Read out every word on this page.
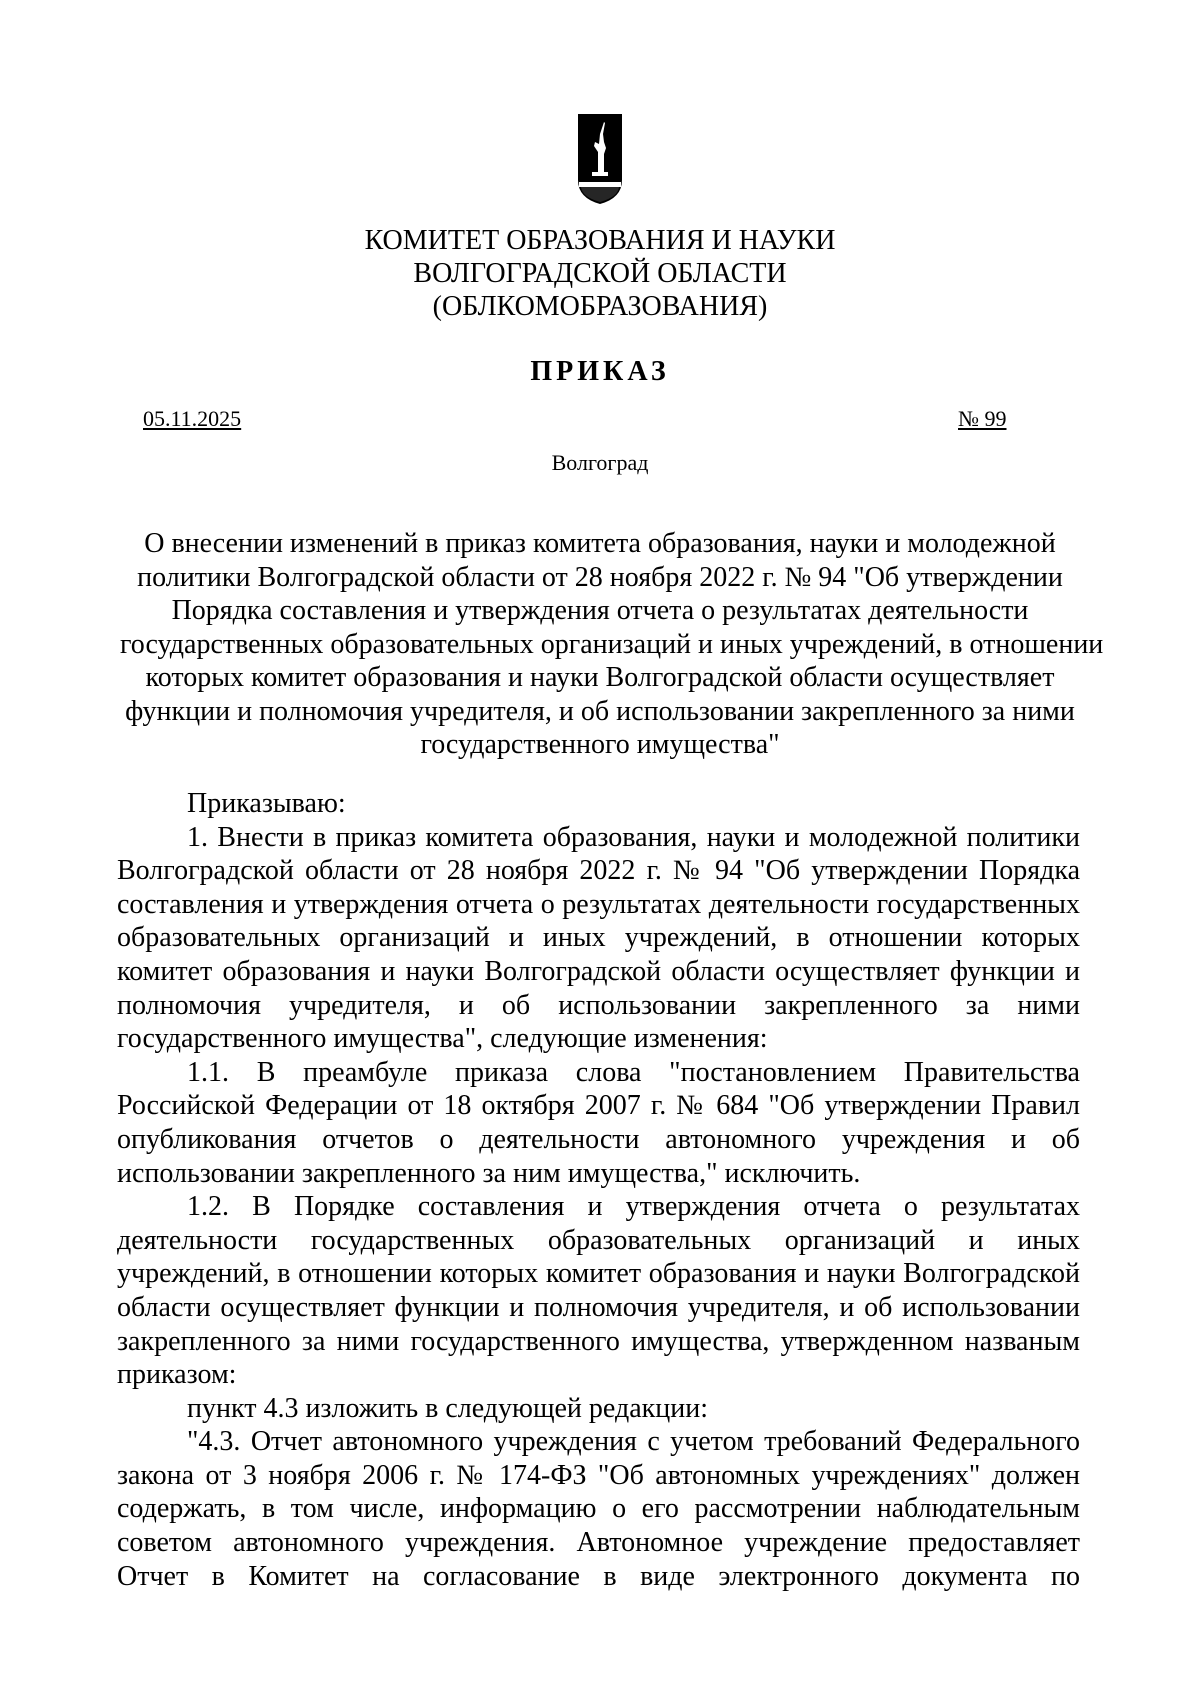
КОМИТЕТ ОБРАЗОВАНИЯ И НАУКИ
ВОЛГОГРАДСКОЙ ОБЛАСТИ
(ОБЛКОМОБРАЗОВАНИЯ)
ПРИКАЗ
05.11.2025	№ 99
Волгоград
О внесении изменений в приказ комитета образования, науки и молодежной
политики Волгоградской области от 28 ноября 2022 г. № 94 "Об утверждении
Порядка составления и утверждения отчета о результатах деятельности
государственных образовательных организаций и иных учреждений, в отношении
которых комитет образования и науки Волгоградской области осуществляет
функции и полномочия учредителя, и об использовании закрепленного за ними
государственного имущества"

Приказываю:

1. Внести в приказ комитета образования, науки и молодежной политики Волгоградской области от 28 ноября 2022 г. № 94 "Об утверждении Порядка составления и утверждения отчета о результатах деятельности государственных образовательных организаций и иных учреждений, в отношении которых комитет образования и науки Волгоградской области осуществляет функции и полномочия учредителя, и об использовании закрепленного за ними государственного имущества", следующие изменения:

1.1. В преамбуле приказа слова "постановлением Правительства Российской Федерации от 18 октября 2007 г. № 684 "Об утверждении Правил опубликования отчетов о деятельности автономного учреждения и об использовании закрепленного за ним имущества," исключить.

1.2. В Порядке составления и утверждения отчета о результатах деятельности государственных образовательных организаций и иных учреждений, в отношении которых комитет образования и науки Волгоградской области осуществляет функции и полномочия учредителя, и об использовании закрепленного за ними государственного имущества, утвержденном названым приказом:

пункт 4.3 изложить в следующей редакции:

"4.3. Отчет автономного учреждения с учетом требований Федерального закона от 3 ноября 2006 г. № 174-ФЗ "Об автономных учреждениях" должен содержать, в том числе, информацию о его рассмотрении наблюдательным советом автономного учреждения. Автономное учреждение предоставляет Отчет в Комитет на согласование в виде электронного документа по
